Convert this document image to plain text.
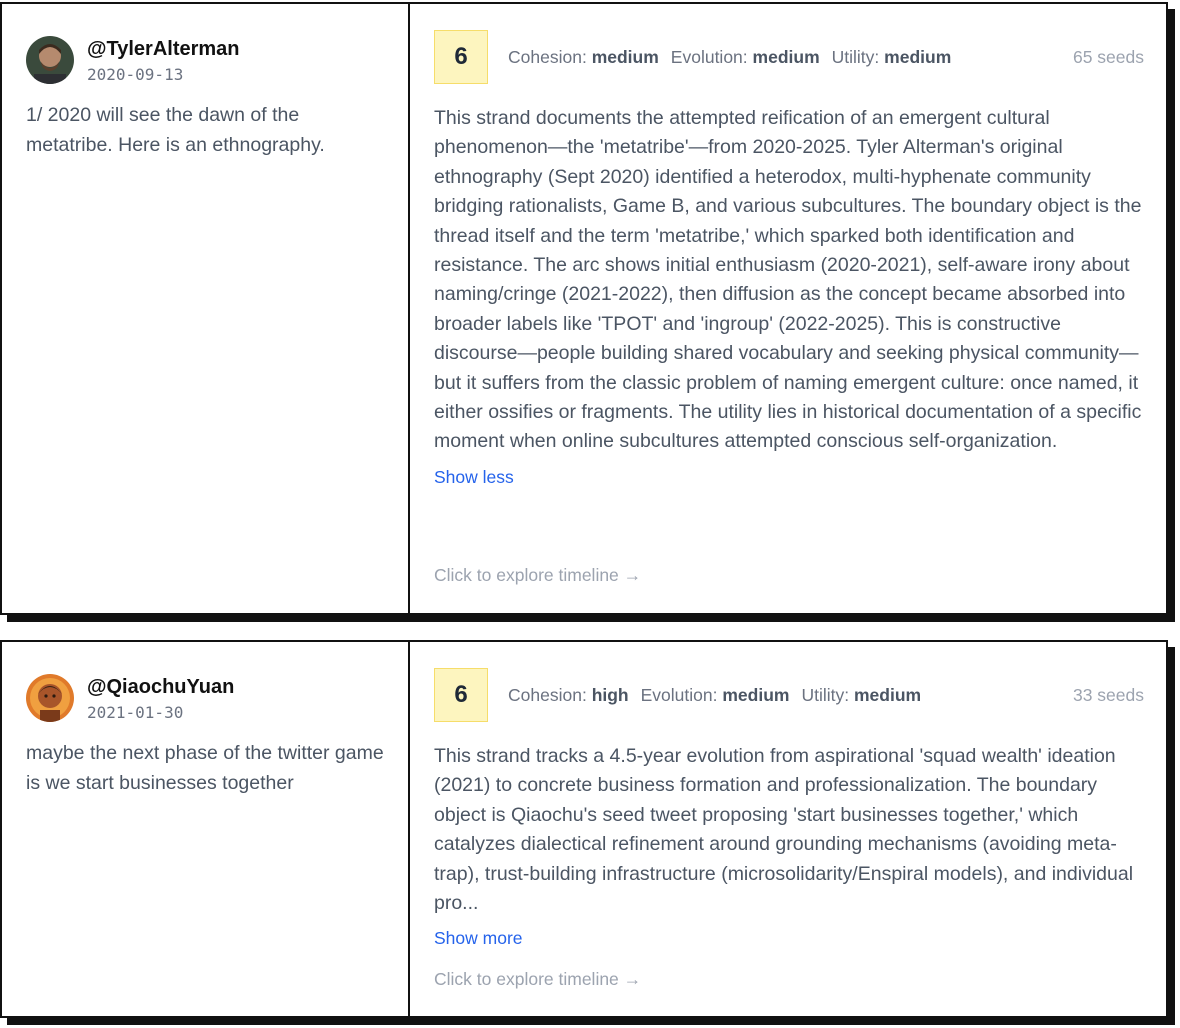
@TylerAlterman
2020-09-13
1/ 2020 will see the dawn of the metatribe. Here is an ethnography.
6	Cohesion: medium Evolution: medium Utility: medium	65 seeds
This strand documents the attempted reification of an emergent cultural phenomenon—the 'metatribe'—from 2020-2025. Tyler Alterman's original ethnography (Sept 2020) identified a heterodox, multi-hyphenate community bridging rationalists, Game B, and various subcultures. The boundary object is the thread itself and the term 'metatribe,' which sparked both identification and resistance. The arc shows initial enthusiasm (2020-2021), self-aware irony about naming/cringe (2021-2022), then diffusion as the concept became absorbed into broader labels like 'TPOT' and 'ingroup' (2022-2025). This is constructive discourse—people building shared vocabulary and seeking physical community—but it suffers from the classic problem of naming emergent culture: once named, it either ossifies or fragments. The utility lies in historical documentation of a specific moment when online subcultures attempted conscious self-organization.
Show less
Click to explore timeline →
@QiaochuYuan
2021-01-30
maybe the next phase of the twitter game is we start businesses together
6	Cohesion: high Evolution: medium Utility: medium	33 seeds
This strand tracks a 4.5-year evolution from aspirational 'squad wealth' ideation (2021) to concrete business formation and professionalization. The boundary object is Qiaochu's seed tweet proposing 'start businesses together,' which catalyzes dialectical refinement around grounding mechanisms (avoiding meta-trap), trust-building infrastructure (microsolidarity/Enspiral models), and individual pro...
Show more
Click to explore timeline →
